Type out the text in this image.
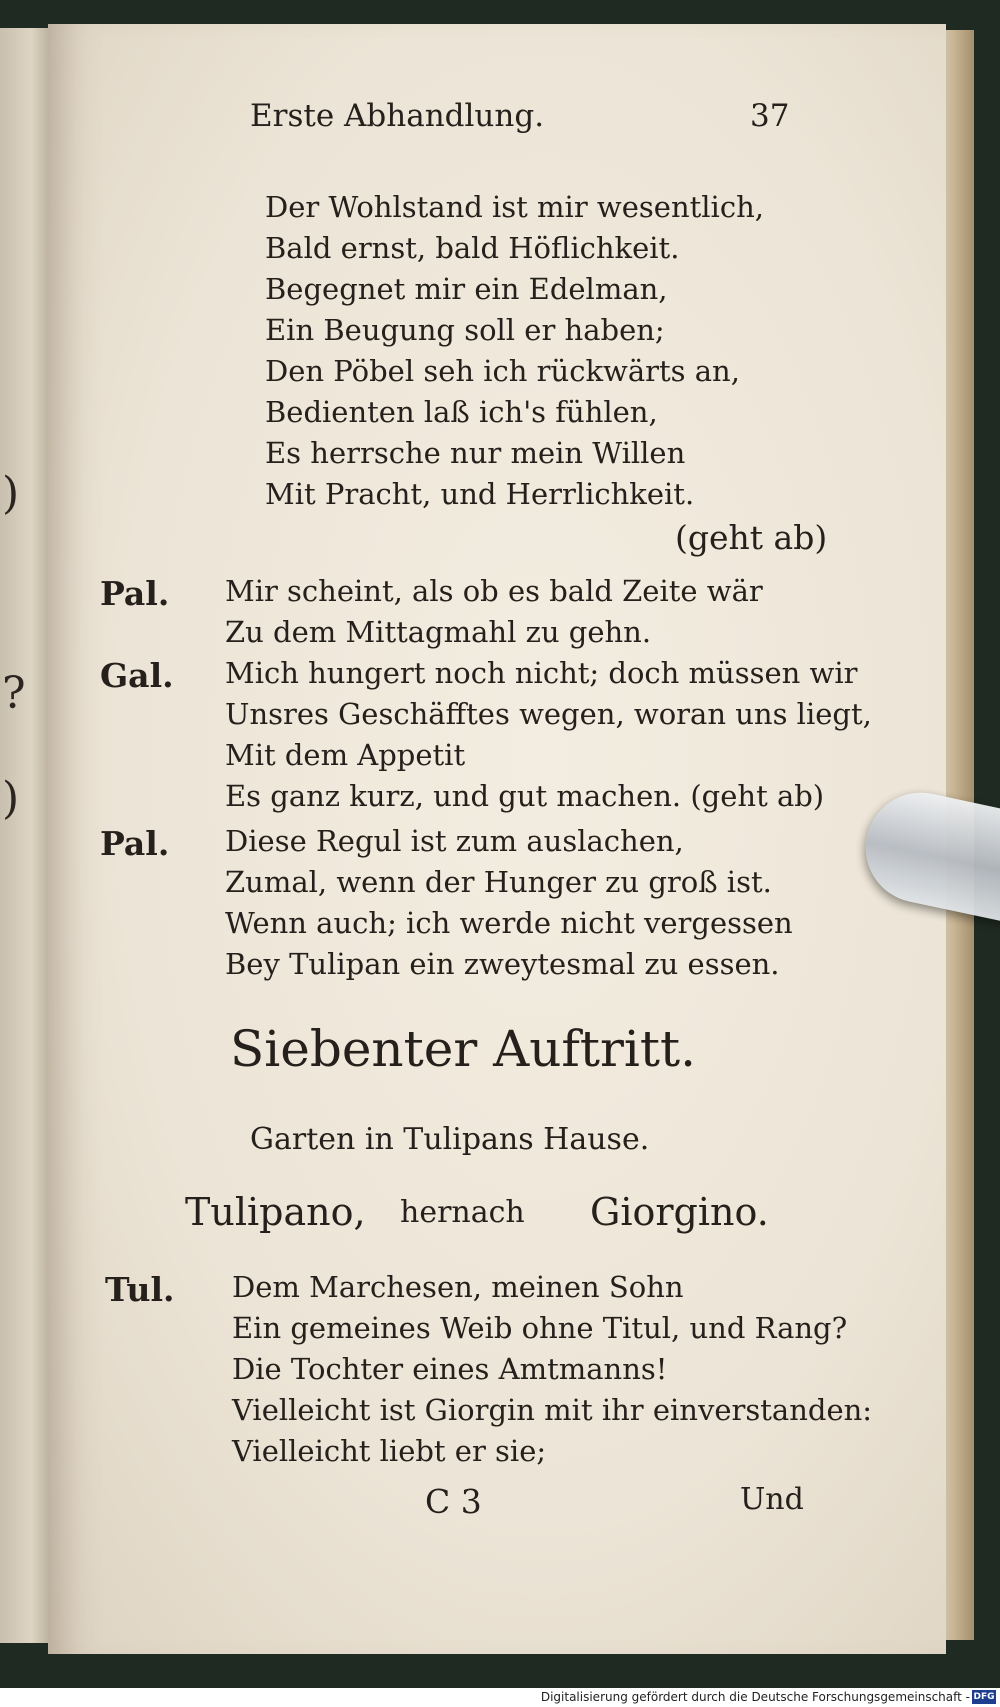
)
?
)
Erste Abhandlung.	37
Der Wohlstand ist mir wesentlich,
Bald ernst, bald Höflichkeit.
Begegnet mir ein Edelman,
Ein Beugung soll er haben;
Den Pöbel seh ich rückwärts an,
Bedienten laß ich's fühlen,
Es herrsche nur mein Willen
Mit Pracht, und Herrlichkeit.
(geht ab)
Pal. Mir scheint, als ob es bald Zeite wär
Zu dem Mittagmahl zu gehn.
Gal. Mich hungert noch nicht; doch müssen wir
Unsres Geschäfftes wegen, woran uns liegt,
Mit dem Appetit
Es ganz kurz, und gut machen. (geht ab)
Pal. Diese Regul ist zum auslachen,
Zumal, wenn der Hunger zu groß ist.
Wenn auch; ich werde nicht vergessen
Bey Tulipan ein zweytesmal zu essen.
Siebenter Auftritt.
Garten in Tulipans Hause.
Tulipano, hernach Giorgino.
Tul. Dem Marchesen, meinen Sohn
Ein gemeines Weib ohne Titul, und Rang?
Die Tochter eines Amtmanns!
Vielleicht ist Giorgin mit ihr einverstanden:
Vielleicht liebt er sie;
C 3	Und
Digitalisierung gefördert durch die Deutsche Forschungsgemeinschaft - DFG
